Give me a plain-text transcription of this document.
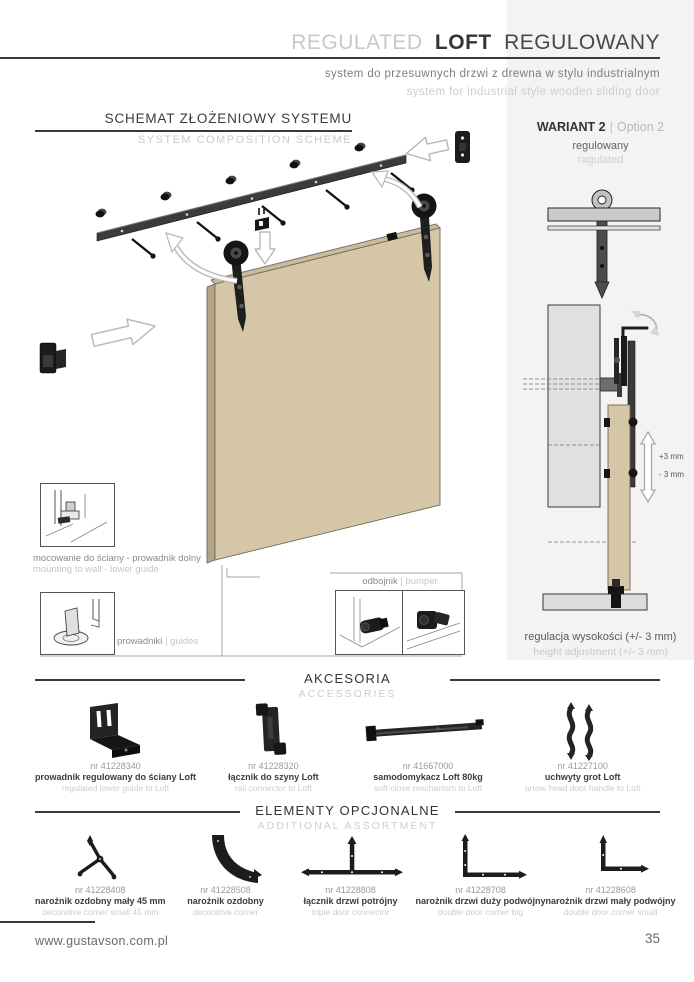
REGULATED LOFT REGULOWANY
system do przesuwnych drzwi z drewna w stylu industrialnym
system for industrial style wooden sliding door
SCHEMAT ZŁOŻENIOWY SYSTEMU
SYSTEM COMPOSITION SCHEME
WARIANT 2 | Option 2
regulowany
ragulated
mocowanie do ściany - prowadnik dolny
mounting to wall - lower guide
prowadniki | guides
odbojnik | bumper
+3 mm
- 3 mm
regulacja wysokości (+/- 3 mm)
height adjustment (+/- 3 mm)
AKCESORIA
ACCESSORIES
nr 41228340
prowadnik regulowany do ściany Loft
regulated lower guide to Loft
nr 41228320
łącznik do szyny Loft
rail connector to Loft
nr 41667000
samodomykacz Loft 80kg
soft-close mechanism to Loft
nr 41227100
uchwyty grot Loft
arrow head door handle to Loft
ELEMENTY OPCJONALNE
ADDITIONAL ASSORTMENT
nr 41228408
narożnik ozdobny mały 45 mm
decorative corner small 45 mm
nr 41228508
narożnik ozdobny
decorative corner
nr 41228808
łącznik drzwi potrójny
triple door connector
nr 41228708
narożnik drzwi duży podwójny
double door corner big
nr 41228608
narożnik drzwi mały podwójny
double door corner small
www.gustavson.com.pl	35
